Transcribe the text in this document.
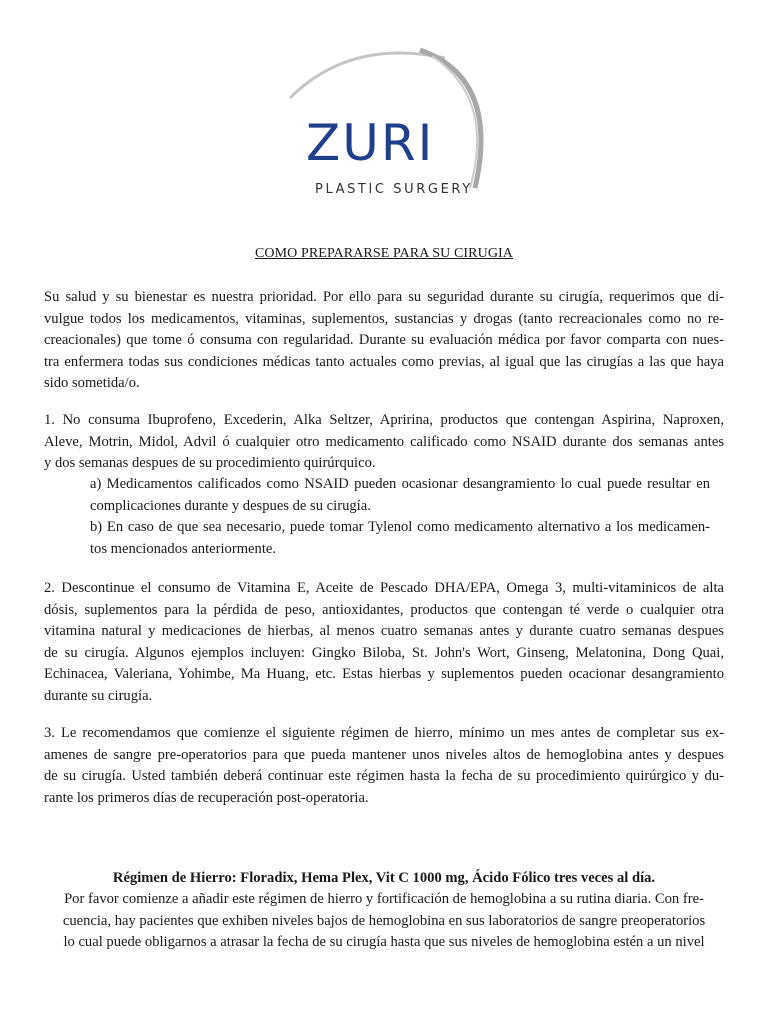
ZURI
PLASTIC SURGERY
COMO PREPARARSE PARA SU CIRUGIA
Su salud y su bienestar es nuestra prioridad. Por ello para su seguridad durante su cirugía, requerimos que di-
vulgue todos los medicamentos, vitaminas, suplementos, sustancias y drogas (tanto recreacionales como no re-
creacionales) que tome ó consuma con regularidad. Durante su evaluación médica por favor comparta con nues-
tra enfermera todas sus condiciones médicas tanto actuales como previas, al igual que las cirugías a las que haya
sido sometida/o.
1. No consuma Ibuprofeno, Excederin, Alka Seltzer, Apririna, productos que contengan Aspirina, Naproxen,
Aleve, Motrin, Midol, Advil ó cualquier otro medicamento calificado como NSAID durante dos semanas antes
y dos semanas despues de su procedimiento quirúrquico.
a) Medicamentos calificados como NSAID pueden ocasionar desangramiento lo cual puede resultar en
complicaciones durante y despues de su cirugía.
b) En caso de que sea necesario, puede tomar Tylenol como medicamento alternativo a los medicamen-
tos mencionados anteriormente.
2. Descontinue el consumo de Vitamina E, Aceite de Pescado DHA/EPA, Omega 3, multi-vitaminicos de alta
dósis, suplementos para la pérdida de peso, antioxidantes, productos que contengan té verde o cualquier otra
vitamina natural y medicaciones de hierbas, al menos cuatro semanas antes y durante cuatro semanas despues
de su cirugía. Algunos ejemplos incluyen: Gingko Biloba, St. John's Wort, Ginseng, Melatonina, Dong Quai,
Echinacea, Valeriana, Yohimbe, Ma Huang, etc. Estas hierbas y suplementos pueden ocacionar desangramiento
durante su cirugía.
3. Le recomendamos que comienze el siguiente régimen de hierro, mínimo un mes antes de completar sus ex-
amenes de sangre pre-operatorios para que pueda mantener unos niveles altos de hemoglobina antes y despues
de su cirugía. Usted también deberá continuar este régimen hasta la fecha de su procedimiento quirúrgico y du-
rante los primeros días de recuperación post-operatoria.
Régimen de Hierro: Floradix, Hema Plex, Vit C 1000 mg, Ácido Fólico tres veces al día.
Por favor comienze a añadir este régimen de hierro y fortificación de hemoglobina a su rutina diaria. Con fre-
cuencia, hay pacientes que exhiben niveles bajos de hemoglobina en sus laboratorios de sangre preoperatorios
lo cual puede obligarnos a atrasar la fecha de su cirugía hasta que sus niveles de hemoglobina estén a un nivel
